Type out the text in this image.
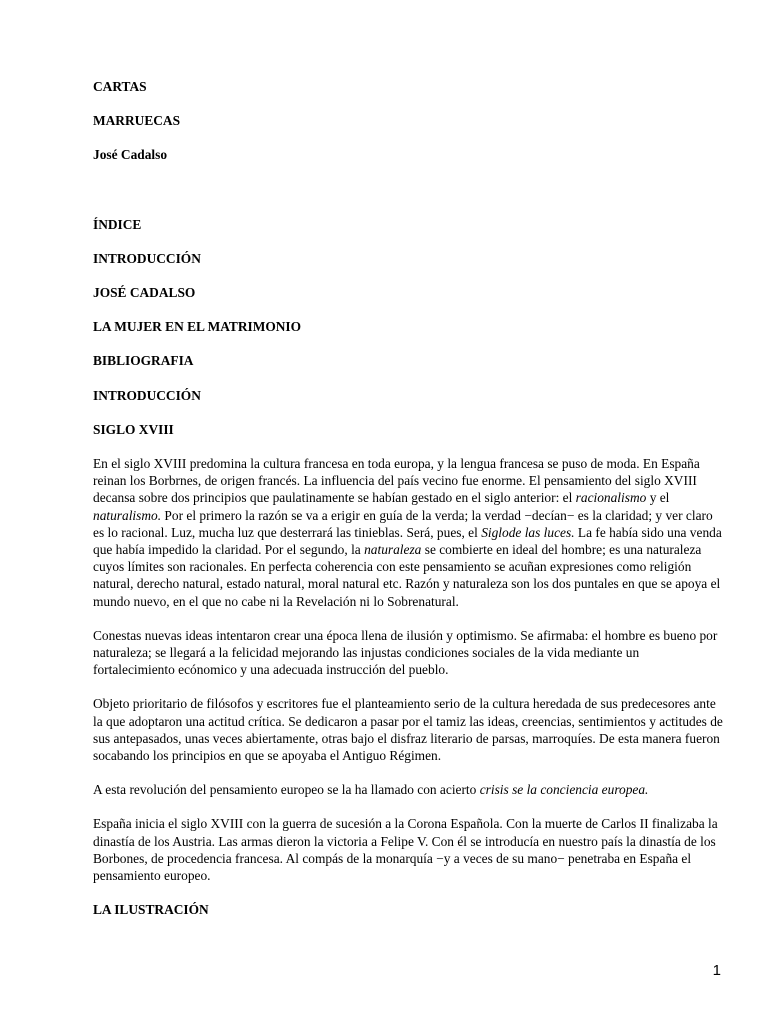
CARTAS

MARRUECAS

José Cadalso

ÍNDICE

INTRODUCCIÓN

JOSÉ CADALSO

LA MUJER EN EL MATRIMONIO

BIBLIOGRAFIA

INTRODUCCIÓN

SIGLO XVIII

En el siglo XVIII predomina la cultura francesa en toda europa, y la lengua francesa se puso de moda. En España reinan los Borbrnes, de origen francés. La influencia del país vecino fue enorme. El pensamiento del siglo XVIII decansa sobre dos principios que paulatinamente se habían gestado en el siglo anterior: el racionalismo y el naturalismo. Por el primero la razón se va a erigir en guía de la verda; la verdad −decían− es la claridad; y ver claro es lo racional. Luz, mucha luz que desterrará las tinieblas. Será, pues, el Siglode las luces. La fe había sido una venda que había impedido la claridad. Por el segundo, la naturaleza se combierte en ideal del hombre; es una naturaleza cuyos límites son racionales. En perfecta coherencia con este pensamiento se acuñan expresiones como religión natural, derecho natural, estado natural, moral natural etc. Razón y naturaleza son los dos puntales en que se apoya el mundo nuevo, en el que no cabe ni la Revelación ni lo Sobrenatural.

Conestas nuevas ideas intentaron crear una época llena de ilusión y optimismo. Se afirmaba: el hombre es bueno por naturaleza; se llegará a la felicidad mejorando las injustas condiciones sociales de la vida mediante un fortalecimiento ecónomico y una adecuada instrucción del pueblo.

Objeto prioritario de filósofos y escritores fue el planteamiento serio de la cultura heredada de sus predecesores ante la que adoptaron una actitud crítica. Se dedicaron a pasar por el tamiz las ideas, creencias, sentimientos y actitudes de sus antepasados, unas veces abiertamente, otras bajo el disfraz literario de parsas, marroquíes. De esta manera fueron socabando los principios en que se apoyaba el Antiguo Régimen.

A esta revolución del pensamiento europeo se la ha llamado con acierto crisis se la conciencia europea.

España inicia el siglo XVIII con la guerra de sucesión a la Corona Española. Con la muerte de Carlos II finalizaba la dinastía de los Austria. Las armas dieron la victoria a Felipe V. Con él se introducía en nuestro país la dinastía de los Borbones, de procedencia francesa. Al compás de la monarquía −y a veces de su mano− penetraba en España el pensamiento europeo.

LA ILUSTRACIÓN

1
